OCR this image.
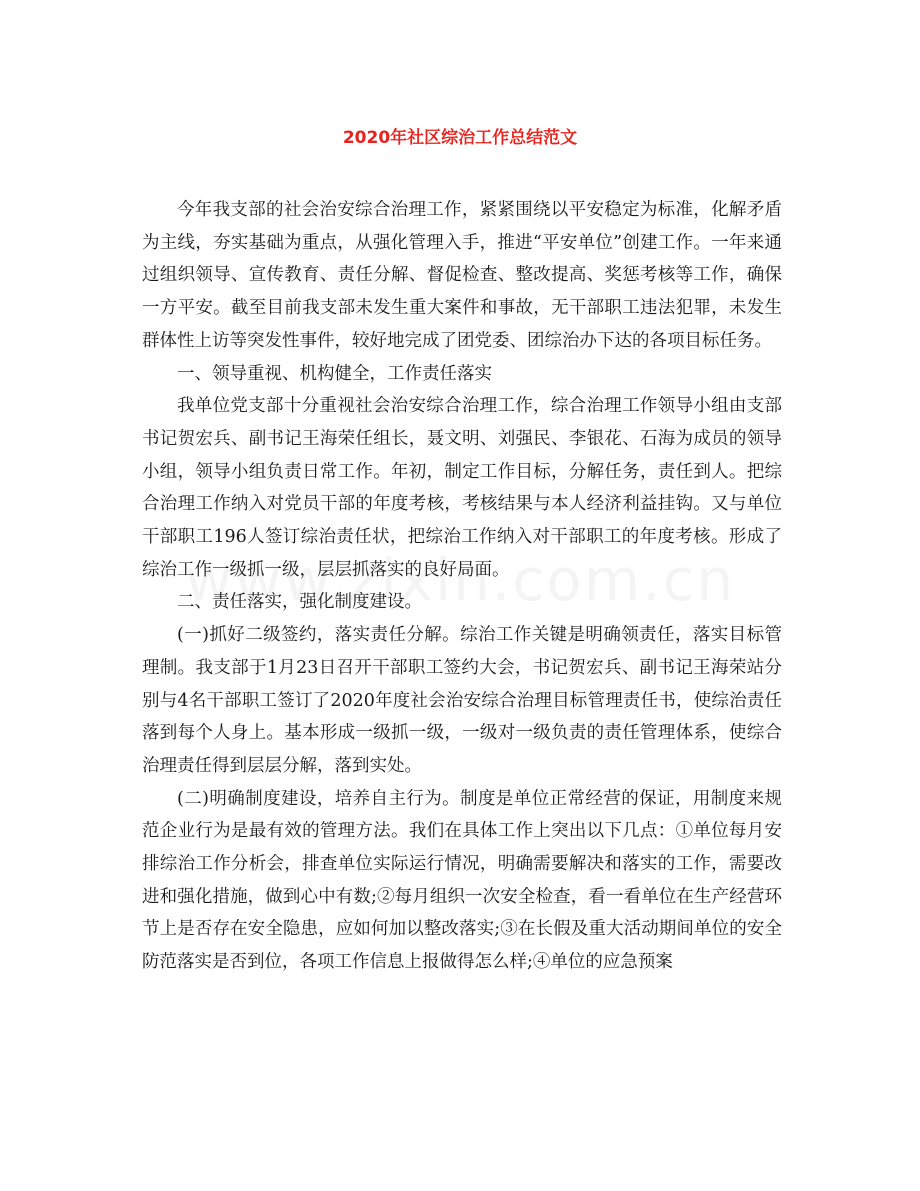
2020年社区综治工作总结范文

今年我支部的社会治安综合治理工作，紧紧围绕以平安稳定为标准，化解矛盾为主线，夯实基础为重点，从强化管理入手，推进“平安单位”创建工作。一年来通过组织领导、宣传教育、责任分解、督促检查、整改提高、奖惩考核等工作，确保一方平安。截至目前我支部未发生重大案件和事故，无干部职工违法犯罪，未发生群体性上访等突发性事件，较好地完成了团党委、团综治办下达的各项目标任务。

一、领导重视、机构健全，工作责任落实

我单位党支部十分重视社会治安综合治理工作，综合治理工作领导小组由支部书记贺宏兵、副书记王海荣任组长，聂文明、刘强民、李银花、石海为成员的领导小组，领导小组负责日常工作。年初，制定工作目标，分解任务，责任到人。把综合治理工作纳入对党员干部的年度考核，考核结果与本人经济利益挂钩。又与单位干部职工196人签订综治责任状，把综治工作纳入对干部职工的年度考核。形成了综治工作一级抓一级，层层抓落实的良好局面。

二、责任落实，强化制度建设。

(一)抓好二级签约，落实责任分解。综治工作关键是明确领责任，落实目标管理制。我支部于1月23日召开干部职工签约大会，书记贺宏兵、副书记王海荣站分别与4名干部职工签订了2020年度社会治安综合治理目标管理责任书，使综治责任落到每个人身上。基本形成一级抓一级，一级对一级负责的责任管理体系，使综合治理责任得到层层分解，落到实处。

(二)明确制度建设，培养自主行为。制度是单位正常经营的保证，用制度来规范企业行为是最有效的管理方法。我们在具体工作上突出以下几点：①单位每月安排综治工作分析会，排查单位实际运行情况，明确需要解决和落实的工作，需要改进和强化措施，做到心中有数;②每月组织一次安全检查，看一看单位在生产经营环节上是否存在安全隐患，应如何加以整改落实;③在长假及重大活动期间单位的安全防范落实是否到位，各项工作信息上报做得怎么样;④单位的应急预案
